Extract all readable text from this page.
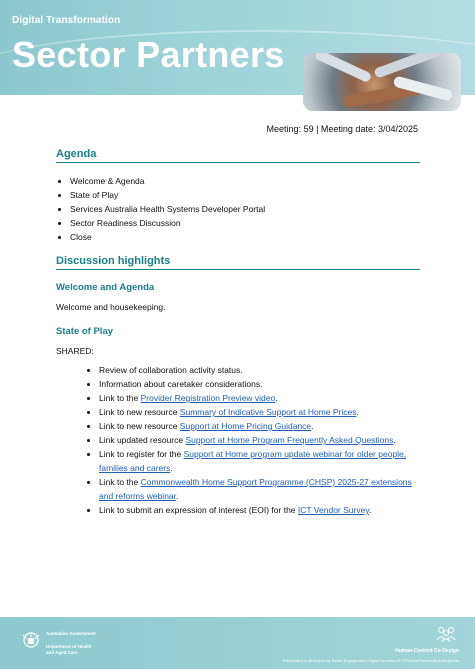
Digital Transformation
Sector Partners
Meeting: 59 | Meeting date: 3/04/2025
Agenda
• Welcome & Agenda
• State of Play
• Services Australia Health Systems Developer Portal
• Sector Readiness Discussion
• Close
Discussion highlights
Welcome and Agenda
Welcome and housekeeping.
State of Play
SHARED:
• Review of collaboration activity status.
• Information about caretaker considerations.
• Link to the Provider Registration Preview video.
• Link to new resource Summary of Indicative Support at Home Prices.
• Link to new resource Support at Home Pricing Guidance.
• Link updated resource Support at Home Program Frequently Asked Questions.
• Link to register for the Support at Home program update webinar for older people, families and carers.
• Link to the Commonwealth Home Support Programme (CHSP) 2025-27 extensions and reforms webinar.
• Link to submit an expression of interest (EOI) for the ICT Vendor Survey.
Australian Government
Department of Health
and Aged Care	Human-Centred Co-Design
This product is developed by Sector Engagement | Digital Services | E: DTSectorPartners@health.gov.au
